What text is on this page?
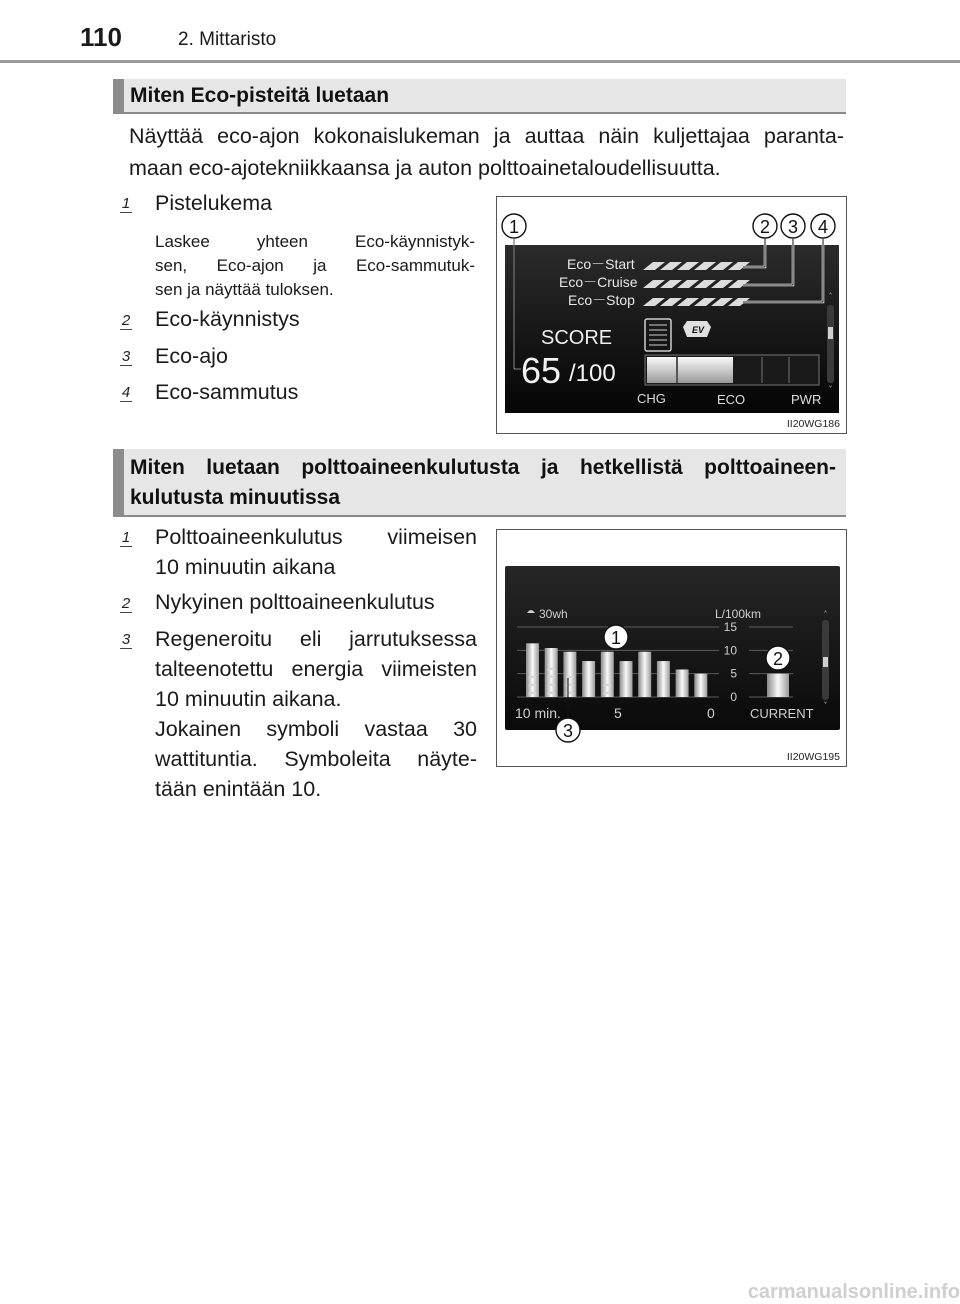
110	2. Mittaristo
Miten Eco-pisteitä luetaan
Näyttää eco-ajon kokonaislukeman ja auttaa näin kuljettajaa paranta-
maan eco-ajotekniikkaansa ja auton polttoainetaloudellisuutta.
1 Pistelukema
Laskee yhteen Eco-käynnistyk-
sen, Eco-ajon ja Eco-sammutuk-
sen ja näyttää tuloksen.
2 Eco-käynnistys
3 Eco-ajo
4 Eco-sammutus
EV
˄
˅
Eco－Start
Eco－Cruise
Eco－Stop
SCORE
65 /100
CHG	ECO	PWR
1	2 3 4
II20WG186
Miten luetaan polttoaineenkulutusta ja hetkellistä polttoaineen-
kulutusta minuutissa
1 Polttoaineenkulutus viimeisen
10 minuutin aikana
2 Nykyinen polttoaineenkulutus
3 Regeneroitu eli jarrutuksessa
talteenotettu energia viimeisten
10 minuutin aikana.
Jokainen symboli vastaa 30
wattituntia. Symboleita näyte-
tään enintään 10.
˄
˅
30wh	L/100km
15
10
5
0
10 min.	5	0	CURRENT
1
2
3
II20WG195
carmanualsonline.info
